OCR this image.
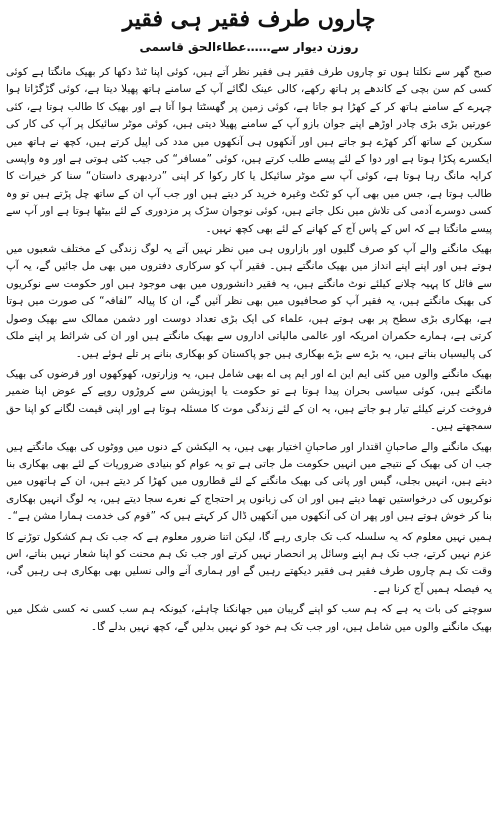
چاروں طرف فقیر ہی فقیر
روزن دیوار سے……عطاءالحق قاسمی

صبح گھر سے نکلتا ہوں تو چاروں طرف فقیر ہی فقیر نظر آتے ہیں، کوئی اپنا ٹنڈ دکھا کر بھیک مانگتا ہے کوئی کسی کم سن بچی کے کاندھے پر ہاتھ رکھے، کالی عینک لگائے آپ کے سامنے ہاتھ پھیلا دیتا ہے، کوئی گڑگڑاتا ہوا چہرے کے سامنے ہاتھ کر کے کھڑا ہو جاتا ہے، کوئی زمین پر گھسٹتا ہوا آتا ہے اور بھیک کا طالب ہوتا ہے، کئی عورتیں بڑی بڑی چادر اوڑھے اپنے جوان بازو آپ کے سامنے پھیلا دیتی ہیں، کوئی موٹر سائیکل پر آپ کی کار کی سکرین کے ساتھ آکر کھڑے ہو جاتے ہیں اور آنکھوں ہی آنکھوں میں مدد کی اپیل کرتے ہیں، کچھ نے ہاتھ میں ایکسرے پکڑا ہوتا ہے اور دوا کے لئے پیسے طلب کرتے ہیں، کوئی ”مسافر“ کی جیب کٹی ہوتی ہے اور وہ واپسی کرایہ مانگ رہا ہوتا ہے، کوئی آپ سے موٹر سائیکل یا کار رکوا کر اپنی ”دردبھری داستان“ سنا کر خیرات کا طالب ہوتا ہے، جس میں بھی آپ کو ٹکٹ وغیرہ خرید کر دیتے ہیں اور جب آپ ان کے ساتھ چل پڑتے ہیں تو وہ کسی دوسرے آدمی کی تلاش میں نکل جاتے ہیں، کوئی نوجوان سڑک پر مزدوری کے لئے بیٹھا ہوتا ہے اور آپ سے پیسے مانگتا ہے کہ اس کے پاس آج کے کھانے کے لئے بھی کچھ نہیں۔

بھیک مانگنے والے آپ کو صرف گلیوں اور بازاروں ہی میں نظر نہیں آتے یہ لوگ زندگی کے مختلف شعبوں میں ہوتے ہیں اور اپنے اپنے انداز میں بھیک مانگتے ہیں۔ فقیر آپ کو سرکاری دفتروں میں بھی مل جائیں گے، یہ آپ سے فائل کا پہیہ چلانے کیلئے نوٹ مانگتے ہیں، یہ فقیر دانشوروں میں بھی موجود ہیں اور حکومت سے نوکریوں کی بھیک مانگتے ہیں، یہ فقیر آپ کو صحافیوں میں بھی نظر آئیں گے، ان کا پیالہ ”لفافہ“ کی صورت میں ہوتا ہے، بھکاری بڑی سطح پر بھی ہوتے ہیں، علماء کی ایک بڑی تعداد دوست اور دشمن ممالک سے بھیک وصول کرتی ہے، ہمارے حکمران امریکہ اور عالمی مالیاتی اداروں سے بھیک مانگتے ہیں اور ان کی شرائط پر اپنے ملک کی پالیسیاں بناتے ہیں، یہ بڑے سے بڑے بھکاری ہیں جو پاکستان کو بھکاری بنانے پر تلے ہوئے ہیں۔

بھیک مانگنے والوں میں کئی ایم این اے اور ایم پی اے بھی شامل ہیں، یہ وزارتوں، کھوکھوں اور قرضوں کی بھیک مانگتے ہیں، کوئی سیاسی بحران پیدا ہوتا ہے تو حکومت یا اپوزیشن سے کروڑوں روپے کے عوض اپنا ضمیر فروخت کرنے کیلئے تیار ہو جاتے ہیں، یہ ان کے لئے زندگی موت کا مسئلہ ہوتا ہے اور اپنی قیمت لگانے کو اپنا حق سمجھتے ہیں۔

بھیک مانگنے والے صاحبانِ اقتدار اور صاحبانِ اختیار بھی ہیں، یہ الیکشن کے دنوں میں ووٹوں کی بھیک مانگتے ہیں جب ان کی بھیک کے نتیجے میں انہیں حکومت مل جاتی ہے تو یہ عوام کو بنیادی ضروریات کے لئے بھی بھکاری بنا دیتے ہیں، انہیں بجلی، گیس اور پانی کی بھیک مانگنے کے لئے قطاروں میں کھڑا کر دیتے ہیں، ان کے ہاتھوں میں نوکریوں کی درخواستیں تھما دیتے ہیں اور ان کی زبانوں پر احتجاج کے نعرے سجا دیتے ہیں، یہ لوگ انہیں بھکاری بنا کر خوش ہوتے ہیں اور پھر ان کی آنکھوں میں آنکھیں ڈال کر کہتے ہیں کہ ”قوم کی خدمت ہمارا مشن ہے“۔

ہمیں نہیں معلوم کہ یہ سلسلہ کب تک جاری رہے گا، لیکن اتنا ضرور معلوم ہے کہ جب تک ہم کشکول توڑنے کا عزم نہیں کرتے، جب تک ہم اپنے وسائل پر انحصار نہیں کرتے اور جب تک ہم محنت کو اپنا شعار نہیں بناتے، اس وقت تک ہم چاروں طرف فقیر ہی فقیر دیکھتے رہیں گے اور ہماری آنے والی نسلیں بھی بھکاری ہی رہیں گی، یہ فیصلہ ہمیں آج کرنا ہے۔

سوچنے کی بات یہ ہے کہ ہم سب کو اپنے گریبان میں جھانکنا چاہئے، کیونکہ ہم سب کسی نہ کسی شکل میں بھیک مانگنے والوں میں شامل ہیں، اور جب تک ہم خود کو نہیں بدلیں گے، کچھ نہیں بدلے گا۔
